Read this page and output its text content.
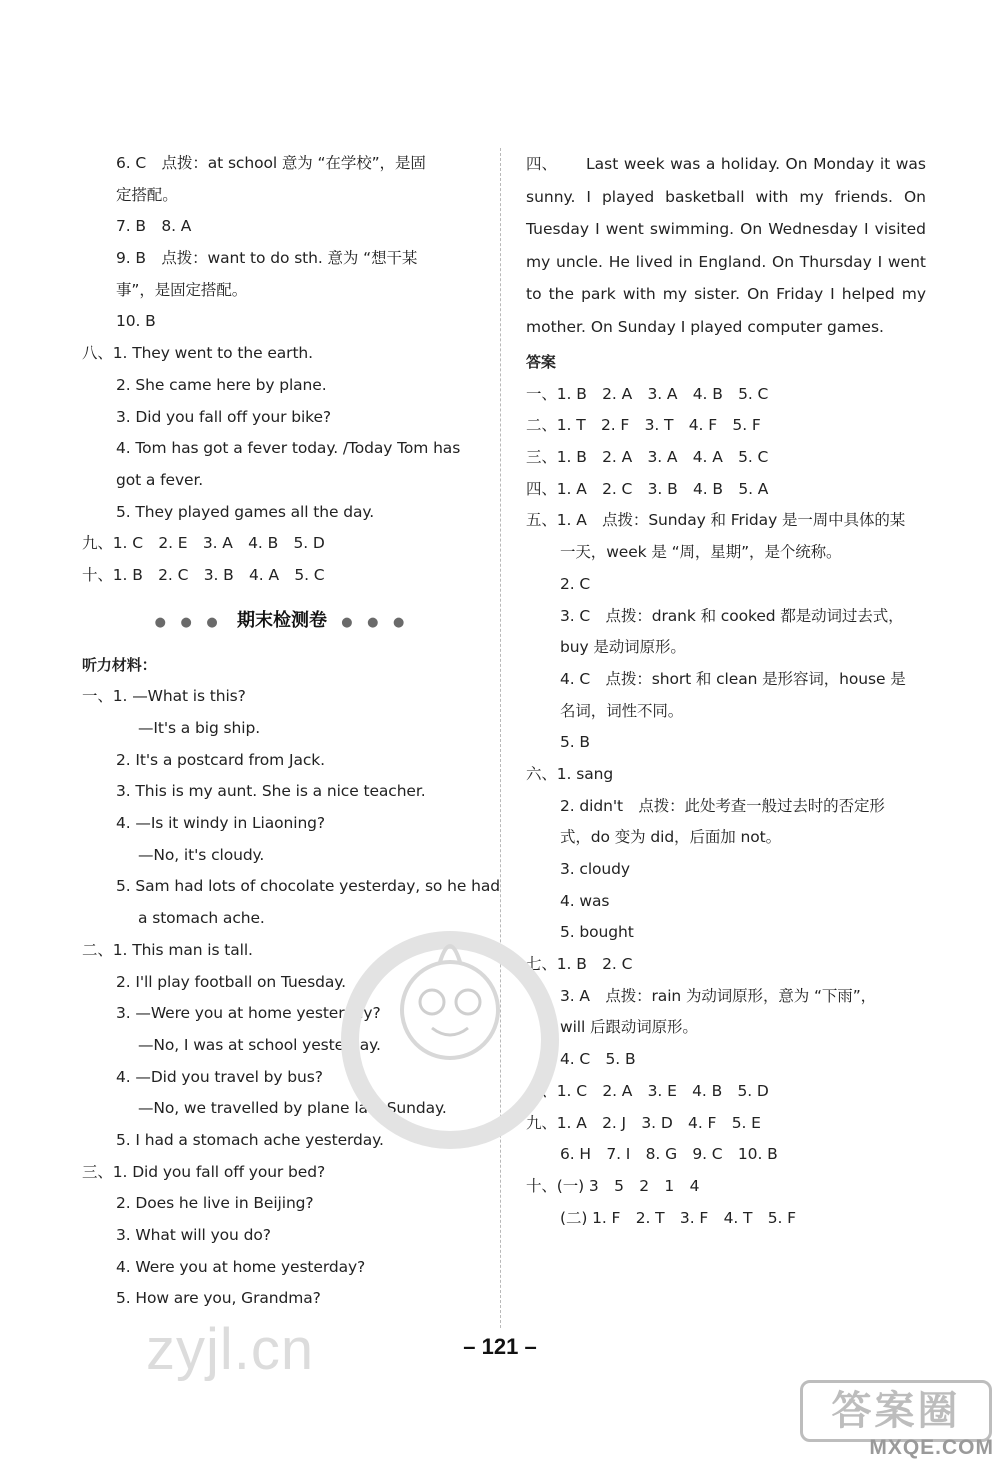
6. C　点拨：at school 意为 “在学校”，是固
定搭配。
7. B　8. A
9. B　点拨：want to do sth. 意为 “想干某
事”，是固定搭配。
10. B
八、1. They went to the earth.
2. She came here by plane.
3. Did you fall off your bike?
4. Tom has got a fever today. /Today Tom has
got a fever.
5. They played games all the day.
九、1. C　2. E　3. A　4. B　5. D
十、1. B　2. C　3. B　4. A　5. C
● ● ● 期末检测卷 ● ● ●
听力材料：
一、1. —What is this?
—It's a big ship.
2. It's a postcard from Jack.
3. This is my aunt. She is a nice teacher.
4. —Is it windy in Liaoning?
—No, it's cloudy.
5. Sam had lots of chocolate yesterday, so he had
a stomach ache.
二、1. This man is tall.
2. I'll play football on Tuesday.
3. —Were you at home yesterday?
—No, I was at school yesterday.
4. —Did you travel by bus?
—No, we travelled by plane last Sunday.
5. I had a stomach ache yesterday.
三、1. Did you fall off your bed?
2. Does he live in Beijing?
3. What will you do?
4. Were you at home yesterday?
5. How are you, Grandma?

四、 Last week was a holiday. On Monday it was sunny. I played basketball with my friends. On Tuesday I went swimming. On Wednesday I visited my uncle. He lived in England. On Thursday I went to the park with my sister. On Friday I helped my mother. On Sunday I played computer games.

答案
一、1. B　2. A　3. A　4. B　5. C
二、1. T　2. F　3. T　4. F　5. F
三、1. B　2. A　3. A　4. A　5. C
四、1. A　2. C　3. B　4. B　5. A
五、1. A　点拨：Sunday 和 Friday 是一周中具体的某
一天，week 是 “周，星期”，是个统称。
2. C
3. C　点拨：drank 和 cooked 都是动词过去式，
buy 是动词原形。
4. C　点拨：short 和 clean 是形容词，house 是
名词，词性不同。
5. B
六、1. sang
2. didn't　点拨：此处考查一般过去时的否定形
式，do 变为 did，后面加 not。
3. cloudy
4. was
5. bought
七、1. B　2. C
3. A　点拨：rain 为动词原形，意为 “下雨”，
will 后跟动词原形。
4. C　5. B
八、1. C　2. A　3. E　4. B　5. D
九、1. A　2. J　3. D　4. F　5. E
6. H　7. I　8. G　9. C　10. B
十、(一) 3　5　2　1　4
(二) 1. F　2. T　3. F　4. T　5. F
– 121 –
zyjl.cn
答案圈
MXQE.COM
